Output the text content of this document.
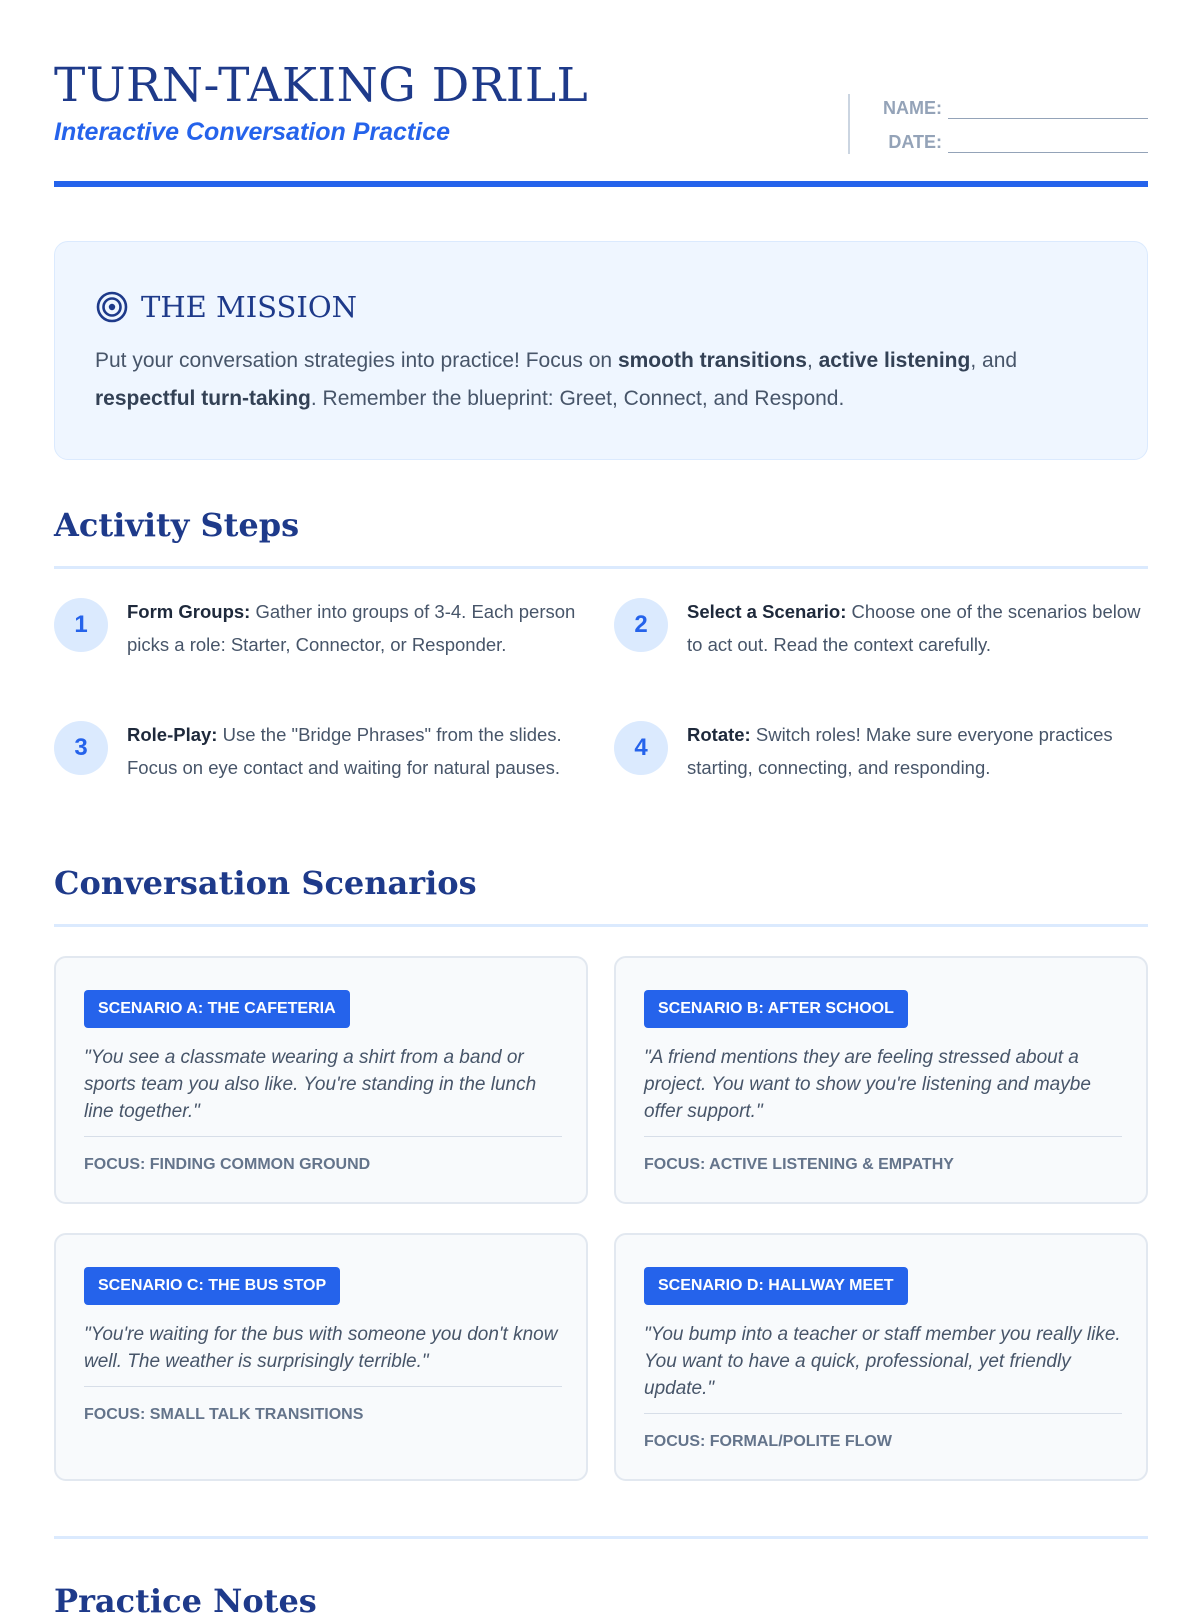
TURN-TAKING DRILL
Interactive Conversation Practice
NAME:
DATE:
THE MISSION

Put your conversation strategies into practice! Focus on smooth transitions, active listening, and respectful turn-taking. Remember the blueprint: Greet, Connect, and Respond.

Activity Steps
1	Form Groups: Gather into groups of 3-4. Each person picks a role: Starter, Connector, or Responder.
2	Select a Scenario: Choose one of the scenarios below to act out. Read the context carefully.
3	Role-Play: Use the "Bridge Phrases" from the slides. Focus on eye contact and waiting for natural pauses.
4	Rotate: Switch roles! Make sure everyone practices starting, connecting, and responding.
Conversation Scenarios
SCENARIO A: THE CAFETERIA
"You see a classmate wearing a shirt from a band or sports team you also like. You're standing in the lunch line together."
FOCUS: FINDING COMMON GROUND
SCENARIO B: AFTER SCHOOL
"A friend mentions they are feeling stressed about a project. You want to show you're listening and maybe offer support."
FOCUS: ACTIVE LISTENING & EMPATHY
SCENARIO C: THE BUS STOP
"You're waiting for the bus with someone you don't know well. The weather is surprisingly terrible."
FOCUS: SMALL TALK TRANSITIONS
SCENARIO D: HALLWAY MEET
"You bump into a teacher or staff member you really like. You want to have a quick, professional, yet friendly update."
FOCUS: FORMAL/POLITE FLOW
Practice Notes
